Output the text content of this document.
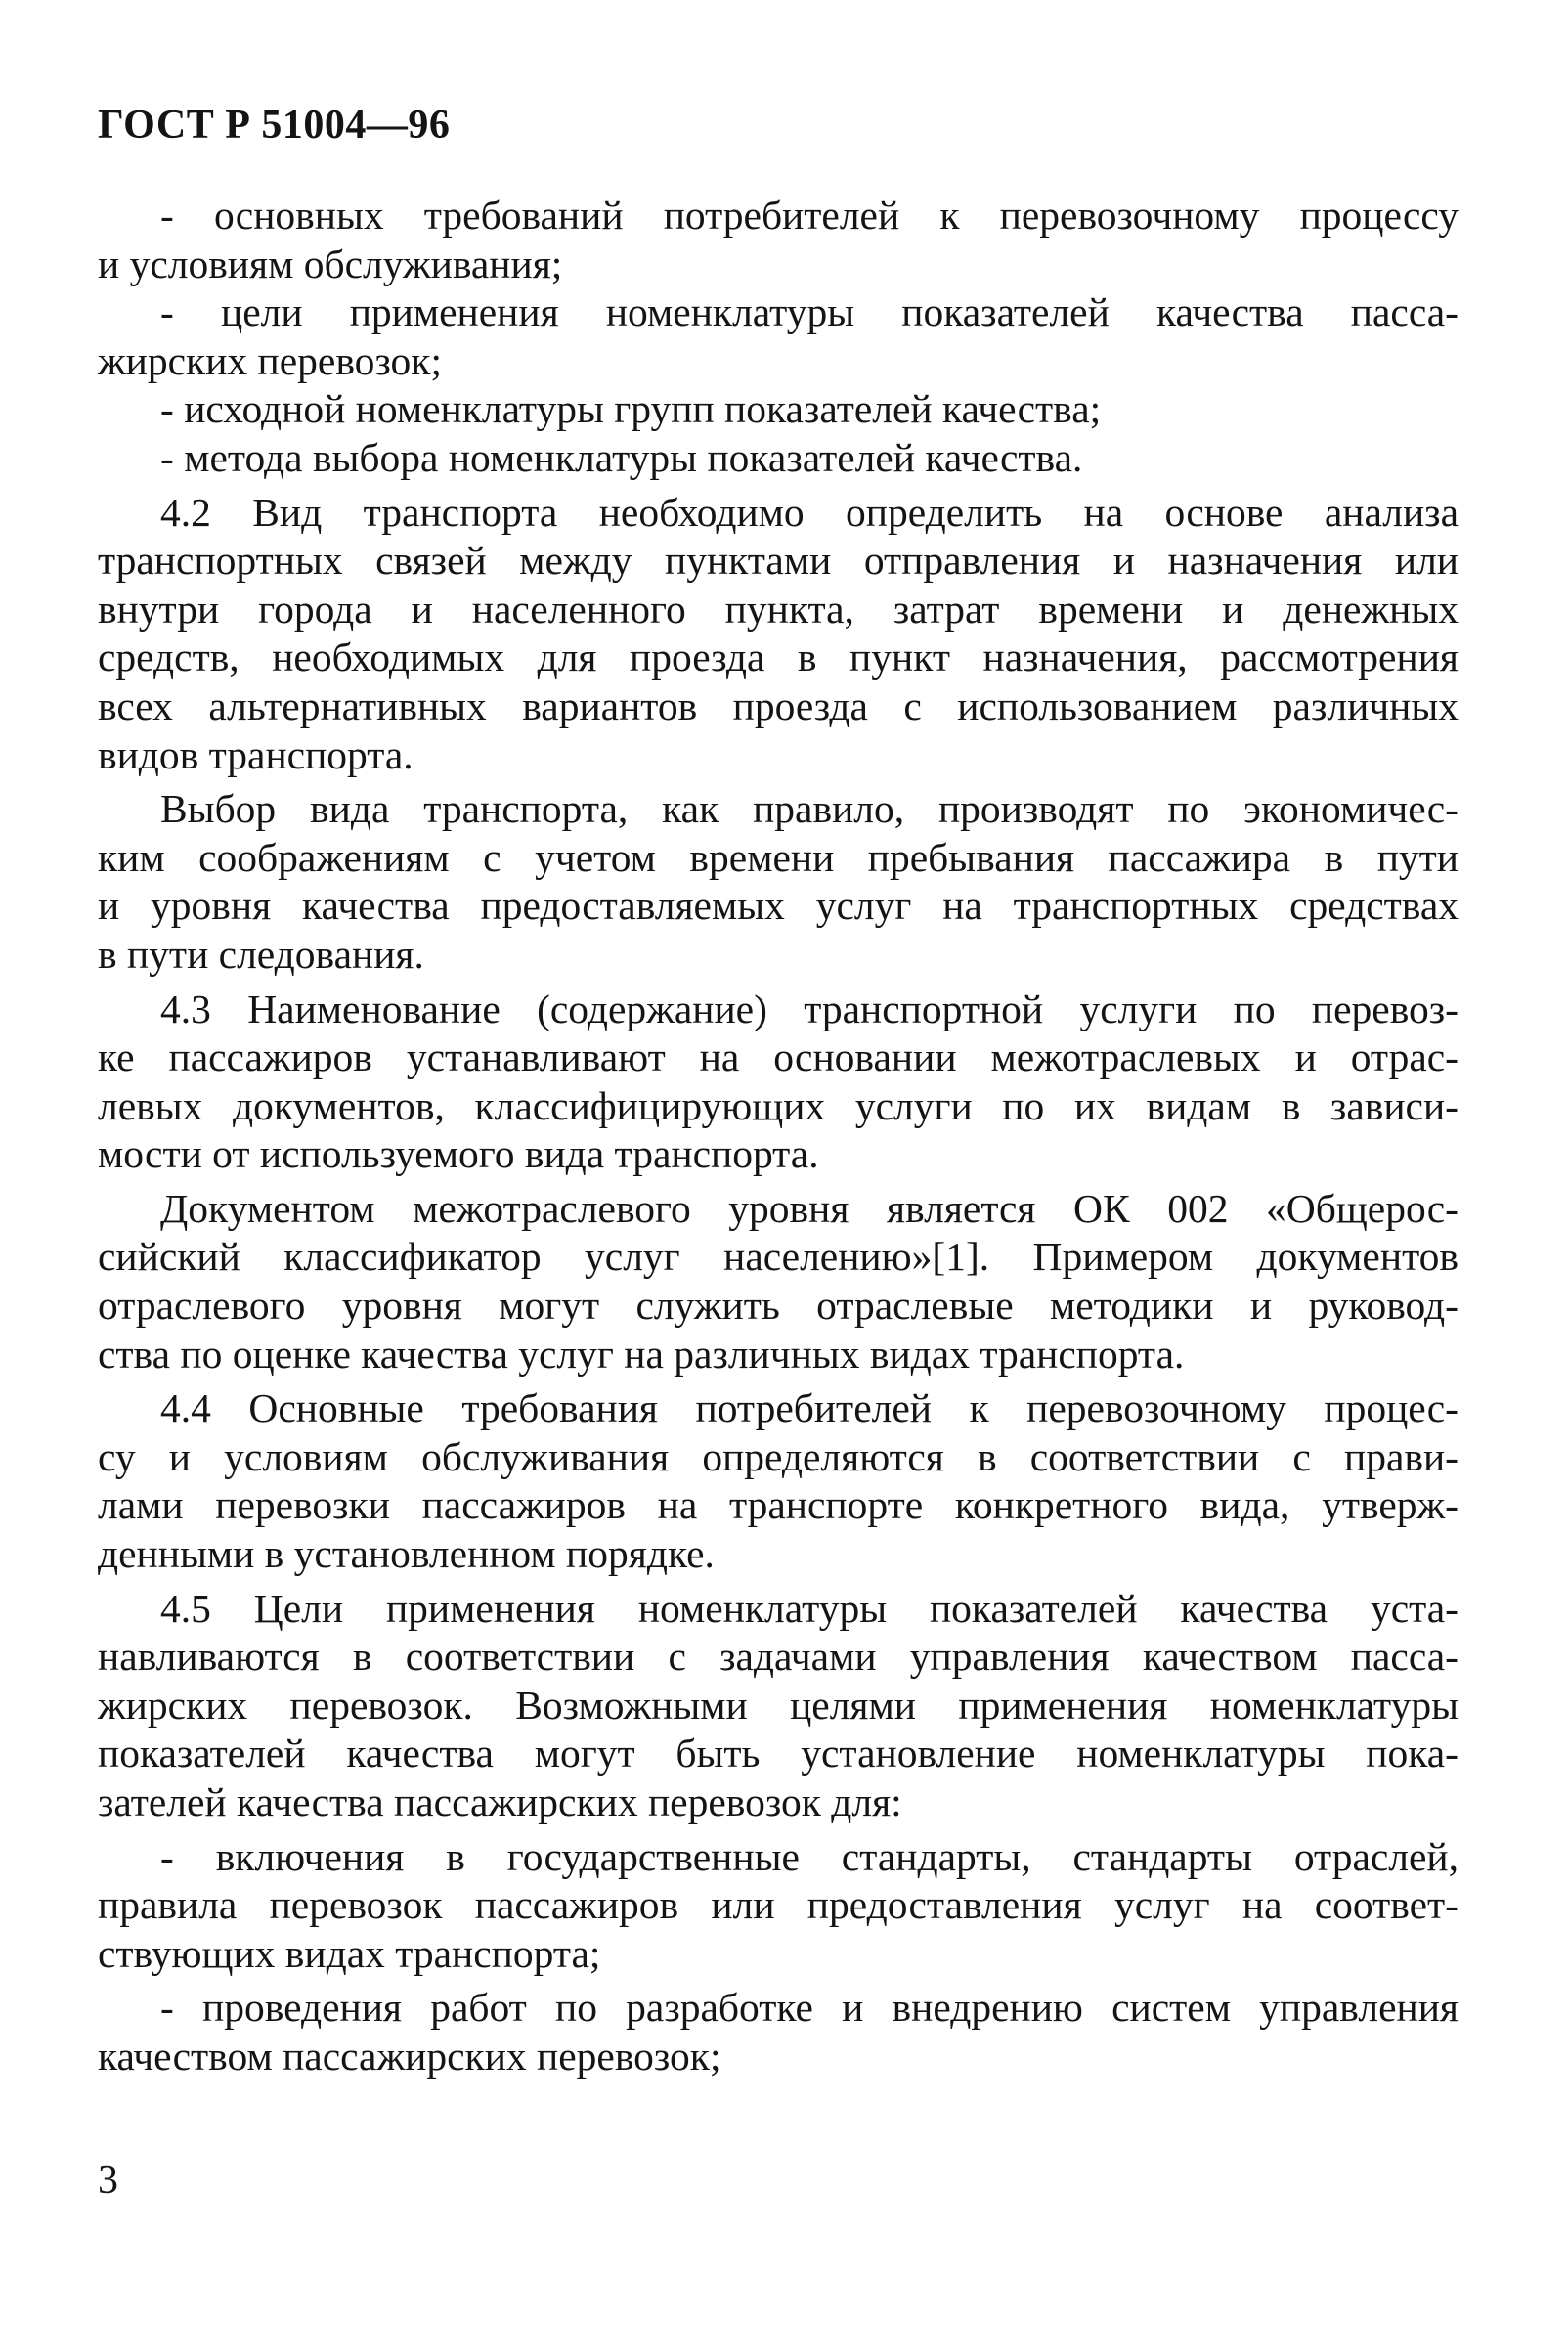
ГОСТ Р 51004—96
- основных требований потребителей к перевозочному процессу
и условиям обслуживания;
- цели применения номенклатуры показателей качества пасса-
жирских перевозок;
- исходной номенклатуры групп показателей качества;
- метода выбора номенклатуры показателей качества.
4.2 Вид транспорта необходимо определить на основе анализа
транспортных связей между пунктами отправления и назначения или
внутри города и населенного пункта, затрат времени и денежных
средств, необходимых для проезда в пункт назначения, рассмотрения
всех альтернативных вариантов проезда с использованием различных
видов транспорта.
Выбор вида транспорта, как правило, производят по экономичес-
ким соображениям с учетом времени пребывания пассажира в пути
и уровня качества предоставляемых услуг на транспортных средствах
в пути следования.
4.3 Наименование (содержание) транспортной услуги по перевоз-
ке пассажиров устанавливают на основании межотраслевых и отрас-
левых документов, классифицирующих услуги по их видам в зависи-
мости от используемого вида транспорта.
Документом межотраслевого уровня является ОК 002 «Общерос-
сийский классификатор услуг населению»[1]. Примером документов
отраслевого уровня могут служить отраслевые методики и руковод-
ства по оценке качества услуг на различных видах транспорта.
4.4 Основные требования потребителей к перевозочному процес-
су и условиям обслуживания определяются в соответствии с прави-
лами перевозки пассажиров на транспорте конкретного вида, утверж-
денными в установленном порядке.
4.5 Цели применения номенклатуры показателей качества уста-
навливаются в соответствии с задачами управления качеством пасса-
жирских перевозок. Возможными целями применения номенклатуры
показателей качества могут быть установление номенклатуры пока-
зателей качества пассажирских перевозок для:
- включения в государственные стандарты, стандарты отраслей,
правила перевозок пассажиров или предоставления услуг на соответ-
ствующих видах транспорта;
- проведения работ по разработке и внедрению систем управления
качеством пассажирских перевозок;
3
